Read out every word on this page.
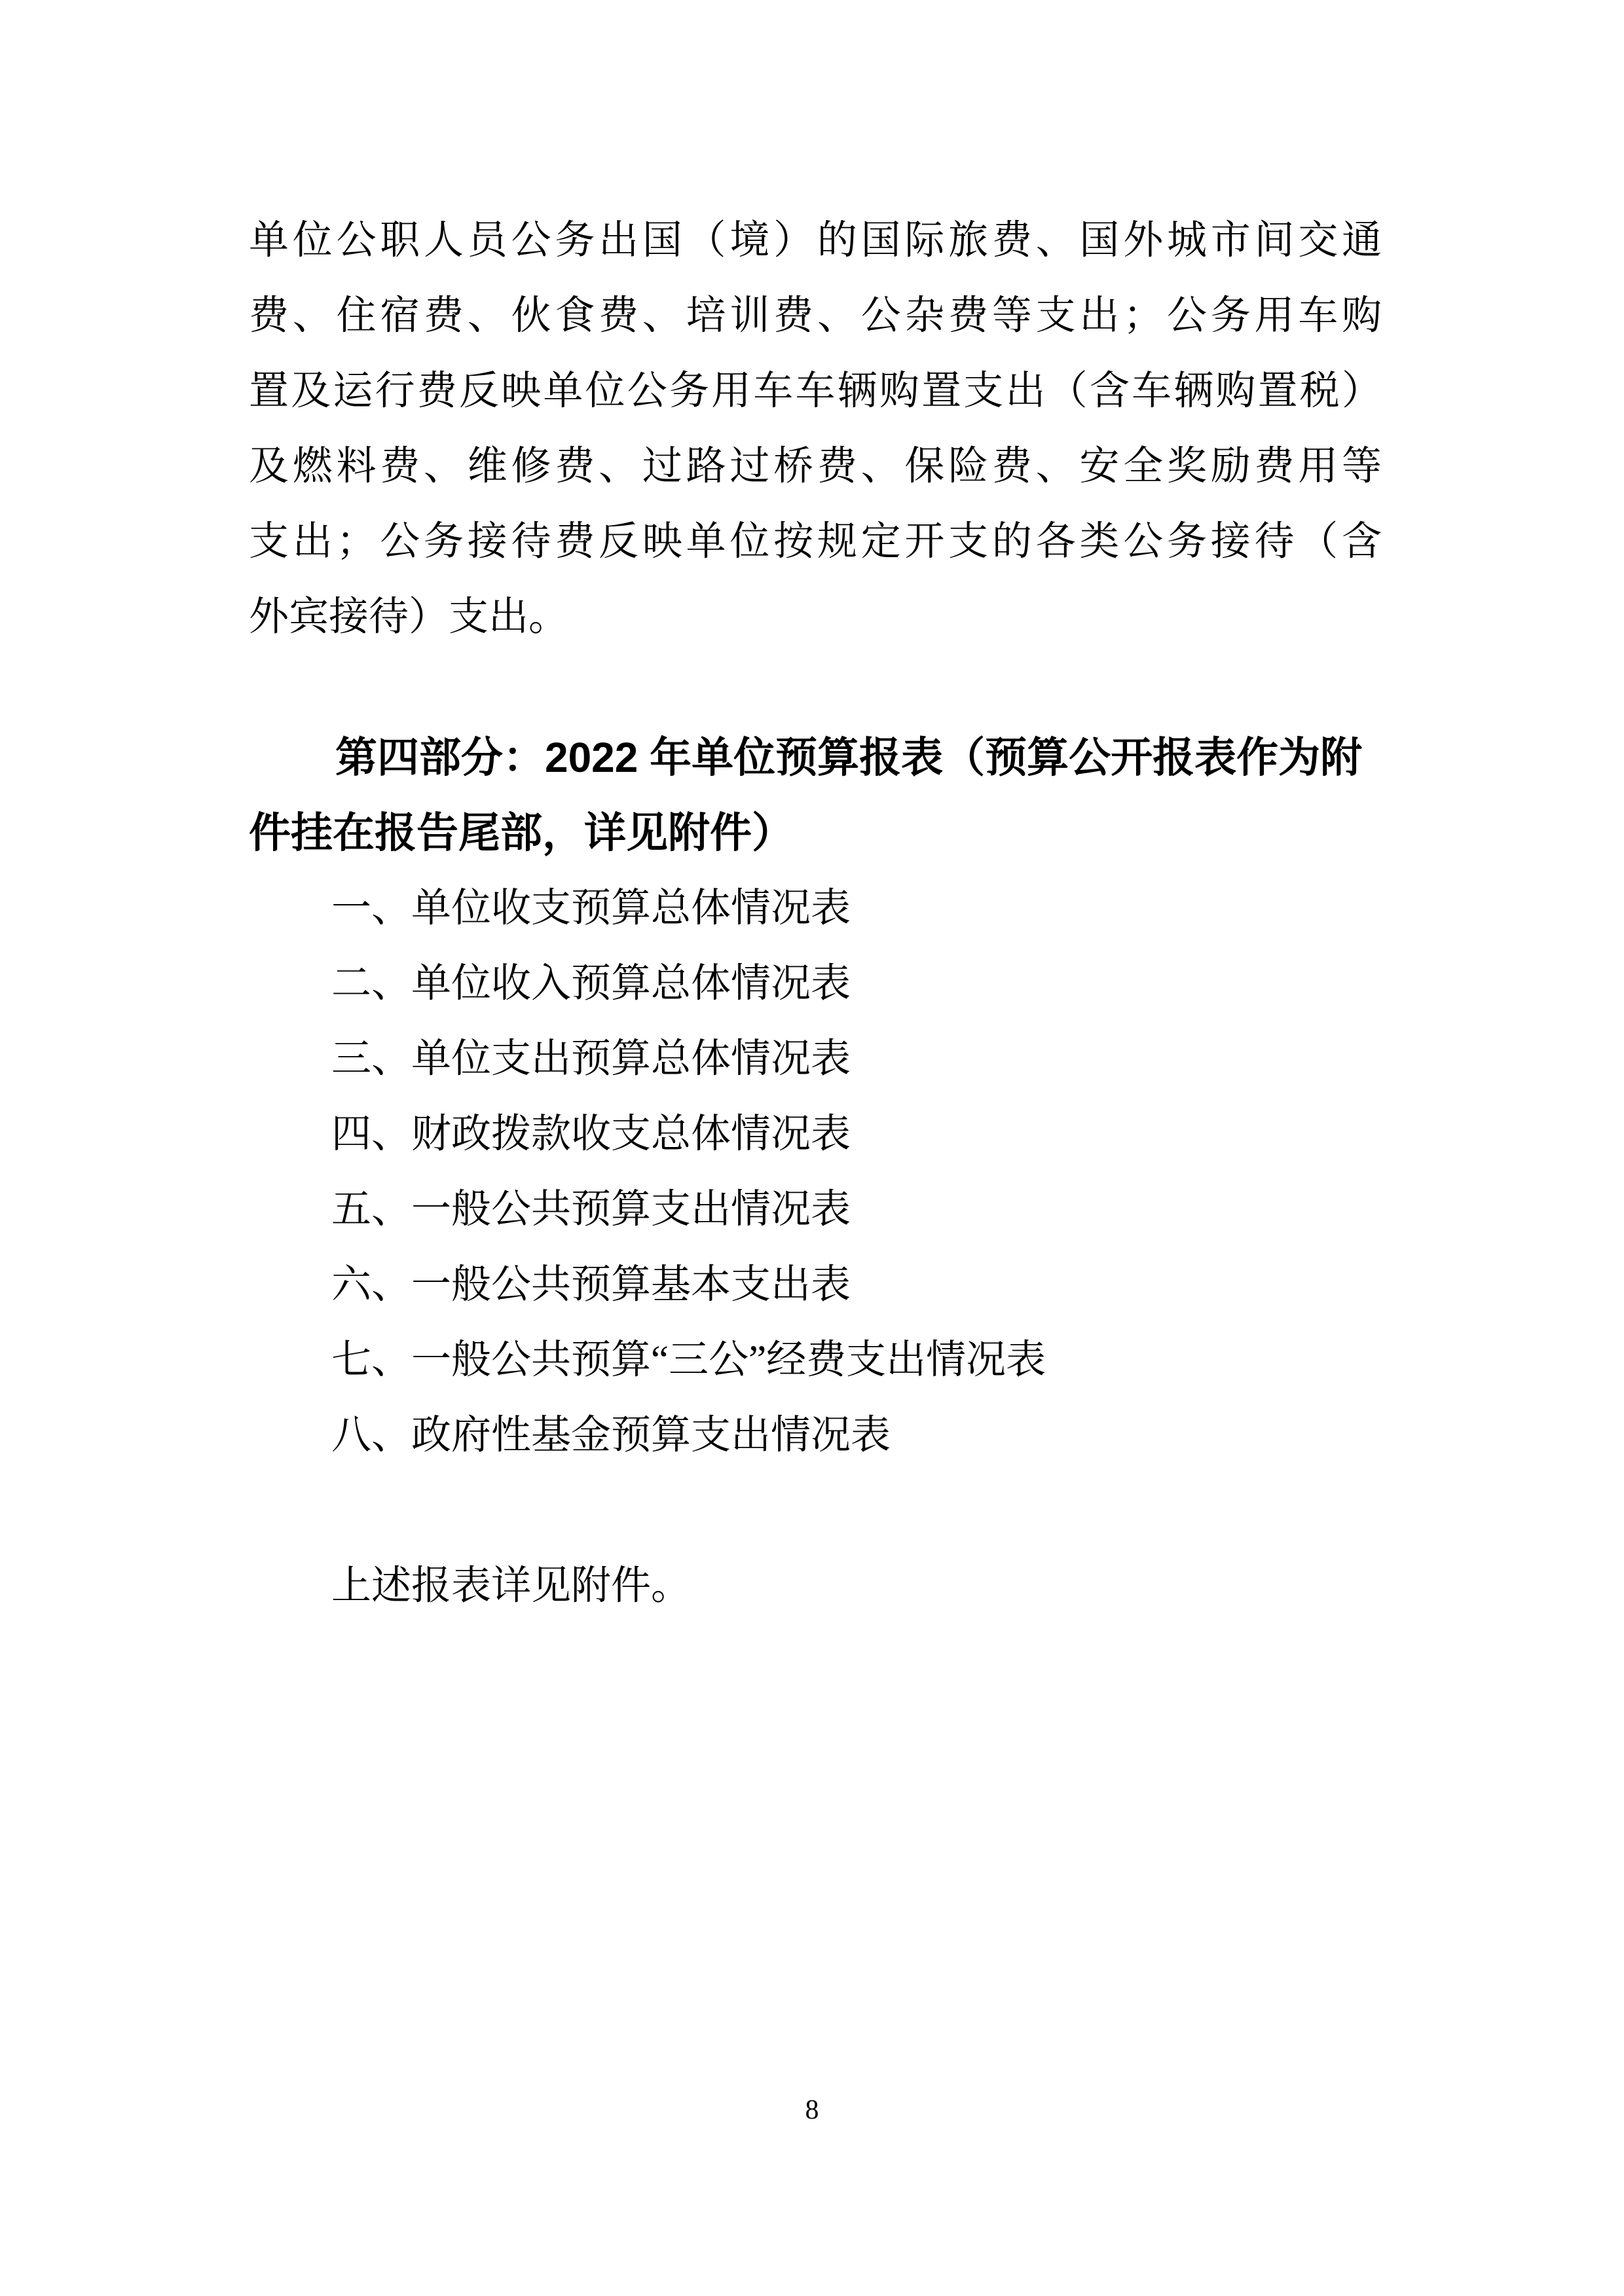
单位公职人员公务出国（境）的国际旅费、国外城市间交通
费、住宿费、伙食费、培训费、公杂费等支出；公务用车购
置及运行费反映单位公务用车车辆购置支出（含车辆购置税）
及燃料费、维修费、过路过桥费、保险费、安全奖励费用等
支出；公务接待费反映单位按规定开支的各类公务接待（含
外宾接待）支出。
第四部分：2022 年单位预算报表（预算公开报表作为附
件挂在报告尾部，详见附件）
一、单位收支预算总体情况表
二、单位收入预算总体情况表
三、单位支出预算总体情况表
四、财政拨款收支总体情况表
五、一般公共预算支出情况表
六、一般公共预算基本支出表
七、一般公共预算“三公”经费支出情况表
八、政府性基金预算支出情况表
上述报表详见附件。
8
